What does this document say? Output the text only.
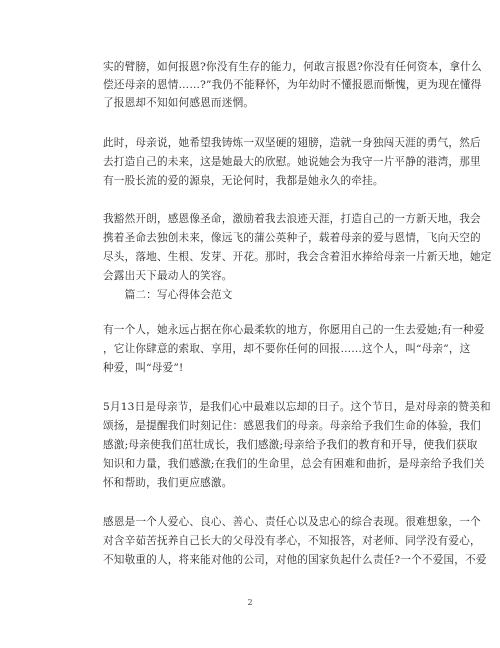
实的臂膀，如何报恩?你没有生存的能力，何敢言报恩?你没有任何资本，拿什么
偿还母亲的恩情……?”我仍不能释怀，为年幼时不懂报恩而惭愧，更为现在懂得
了报恩却不知如何感恩而迷惘。
此时，母亲说，她希望我铸炼一双坚硬的翅膀，造就一身独闯天涯的勇气，然后
去打造自己的未来，这是她最大的欣慰。她说她会为我守一片平静的港湾，那里
有一股长流的爱的源泉，无论何时，我都是她永久的牵挂。
我豁然开朗，感恩像圣命，激励着我去浪迹天涯，打造自己的一方新天地，我会
携着圣命去独创未来，像远飞的蒲公英种子，载着母亲的爱与恩情，飞向天空的
尽头，落地、生根、发芽、开花。那时，我会含着泪水捧给母亲一片新天地，她定
会露出天下最动人的笑容。
　　篇二：写心得体会范文
有一个人，她永远占据在你心最柔软的地方，你愿用自己的一生去爱她;有一种爱
，它让你肆意的索取、享用，却不要你任何的回报……这个人，叫“母亲”，这
种爱，叫“母爱”!
5月13日是母亲节，是我们心中最难以忘却的日子。这个节日，是对母亲的赞美和
颂扬，是提醒我们时刻记住：感恩我们的母亲。母亲给予我们生命的体验，我们
感激;母亲使我们茁壮成长，我们感激;母亲给予我们的教育和开导，使我们获取
知识和力量，我们感激;在我们的生命里，总会有困难和曲折，是母亲给予我们关
怀和帮助，我们更应感激。
感恩是一个人爱心、良心、善心、责任心以及忠心的综合表现。很难想象，一个
对含辛茹苦抚养自己长大的父母没有孝心，不知报答，对老师、同学没有爱心，
不知敬重的人，将来能对他的公司，对他的国家负起什么责任?一个不爱国，不爱
2
